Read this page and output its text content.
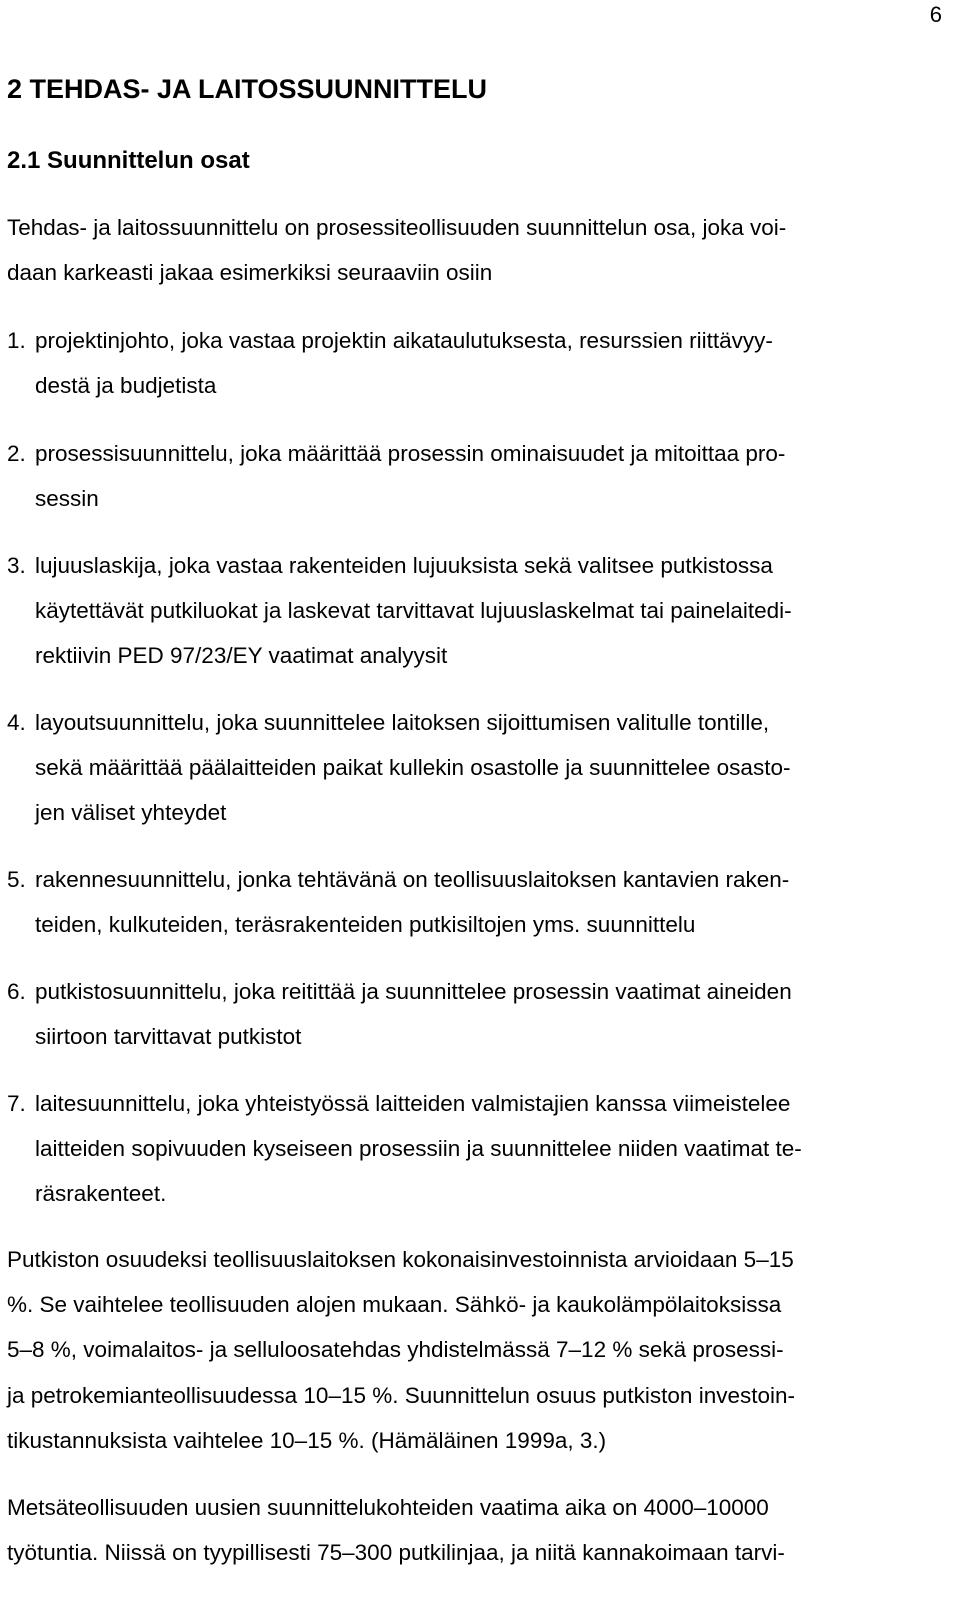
6
2 TEHDAS- JA LAITOSSUUNNITTELU
2.1 Suunnittelun osat
Tehdas- ja laitossuunnittelu on prosessiteollisuuden suunnittelun osa, joka voi-
daan karkeasti jakaa esimerkiksi seuraaviin osiin
1. projektinjohto, joka vastaa projektin aikataulutuksesta, resurssien riittävyy-
destä ja budjetista
2. prosessisuunnittelu, joka määrittää prosessin ominaisuudet ja mitoittaa pro-
sessin
3. lujuuslaskija, joka vastaa rakenteiden lujuuksista sekä valitsee putkistossa
käytettävät putkiluokat ja laskevat tarvittavat lujuuslaskelmat tai painelaitedi-
rektiivin PED 97/23/EY vaatimat analyysit
4. layoutsuunnittelu, joka suunnittelee laitoksen sijoittumisen valitulle tontille,
sekä määrittää päälaitteiden paikat kullekin osastolle ja suunnittelee osasto-
jen väliset yhteydet
5. rakennesuunnittelu, jonka tehtävänä on teollisuuslaitoksen kantavien raken-
teiden, kulkuteiden, teräsrakenteiden putkisiltojen yms. suunnittelu
6. putkistosuunnittelu, joka reitittää ja suunnittelee prosessin vaatimat aineiden
siirtoon tarvittavat putkistot
7. laitesuunnittelu, joka yhteistyössä laitteiden valmistajien kanssa viimeistelee
laitteiden sopivuuden kyseiseen prosessiin ja suunnittelee niiden vaatimat te-
räsrakenteet.
Putkiston osuudeksi teollisuuslaitoksen kokonaisinvestoinnista arvioidaan 5–15
%. Se vaihtelee teollisuuden alojen mukaan. Sähkö- ja kaukolämpölaitoksissa
5–8 %, voimalaitos- ja selluloosatehdas yhdistelmässä 7–12 % sekä prosessi-
ja petrokemianteollisuudessa 10–15 %. Suunnittelun osuus putkiston investoin-
tikustannuksista vaihtelee 10–15 %. (Hämäläinen 1999a, 3.)
Metsäteollisuuden uusien suunnittelukohteiden vaatima aika on 4000–10000
työtuntia. Niissä on tyypillisesti 75–300 putkilinjaa, ja niitä kannakoimaan tarvi-
